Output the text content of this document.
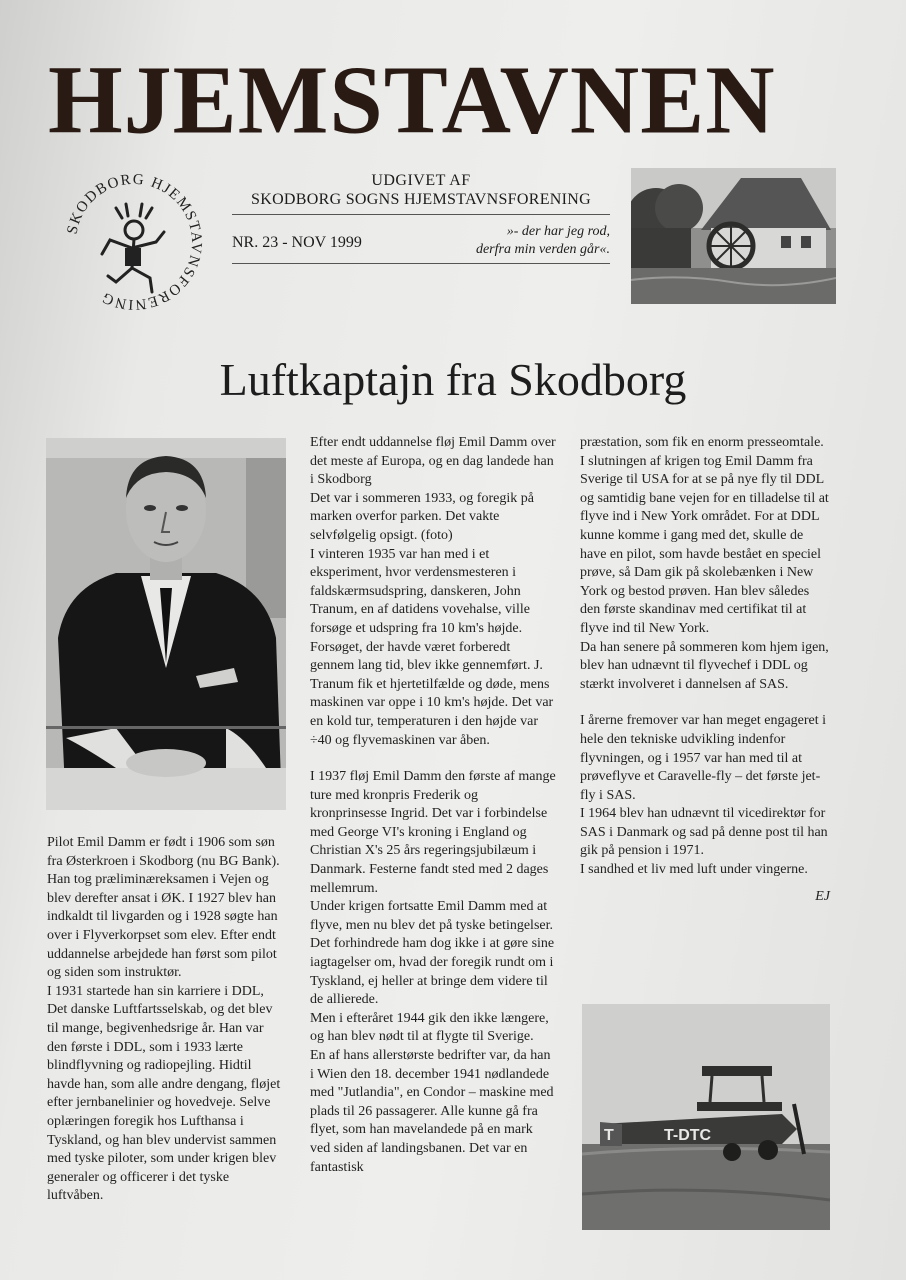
HJEMSTAVNEN
SKODBORG HJEMSTAVNSFORENING
UDGIVET AF
SKODBORG SOGNS HJEMSTAVNSFORENING
NR. 23 - NOV 1999
»- der har jeg rod,
derfra min verden går«.
Luftkaptajn fra Skodborg

Pilot Emil Damm er født i 1906 som søn fra Østerkroen i Skodborg (nu BG Bank). Han tog præliminæreksamen i Vejen og blev derefter ansat i ØK. I 1927 blev han indkaldt til livgarden og i 1928 søgte han over i Flyverkorpset som elev. Efter endt uddannelse arbejdede han først som pilot og siden som instruktør.

I 1931 startede han sin karriere i DDL, Det danske Luftfartsselskab, og det blev til mange, begivenhedsrige år. Han var den første i DDL, som i 1933 lærte blindflyvning og radiopejling. Hidtil havde han, som alle andre dengang, fløjet efter jernbanelinier og hovedveje. Selve oplæringen foregik hos Lufthansa i Tyskland, og han blev undervist sammen med tyske piloter, som under krigen blev generaler og officerer i det tyske luftvåben.

Efter endt uddannelse fløj Emil Damm over det meste af Europa, og en dag landede han i Skodborg

Det var i sommeren 1933, og foregik på marken overfor parken. Det vakte selvfølgelig opsigt. (foto)

I vinteren 1935 var han med i et eksperiment, hvor verdensmesteren i faldskærmsudspring, danskeren, John Tranum, en af datidens vovehalse, ville forsøge et udspring fra 10 km's højde. Forsøget, der havde været forberedt gennem lang tid, blev ikke gennemført. J. Tranum fik et hjertetilfælde og døde, mens maskinen var oppe i 10 km's højde. Det var en kold tur, temperaturen i den højde var ÷40 og flyvemaskinen var åben.

I 1937 fløj Emil Damm den første af mange ture med kronpris Frederik og kronprinsesse Ingrid. Det var i forbindelse med George VI's kroning i England og Christian X's 25 års regeringsjubilæum i Danmark. Festerne fandt sted med 2 dages mellemrum.

Under krigen fortsatte Emil Damm med at flyve, men nu blev det på tyske betingelser. Det forhindrede ham dog ikke i at gøre sine iagtagelser om, hvad der foregik rundt om i Tyskland, ej heller at bringe dem videre til de allierede.

Men i efteråret 1944 gik den ikke længere, og han blev nødt til at flygte til Sverige.

En af hans allerstørste bedrifter var, da han i Wien den 18. december 1941 nødlandede med "Jutlandia", en Condor – maskine med plads til 26 passagerer. Alle kunne gå fra flyet, som han mavelandede på en mark ved siden af landingsbanen. Det var en fantastisk

præstation, som fik en enorm presseomtale.

I slutningen af krigen tog Emil Damm fra Sverige til USA for at se på nye fly til DDL og samtidig bane vejen for en tilladelse til at flyve ind i New York området. For at DDL kunne komme i gang med det, skulle de have en pilot, som havde bestået en speciel prøve, så Dam gik på skolebænken i New York og bestod prøven. Han blev således den første skandinav med certifikat til at flyve ind til New York.

Da han senere på sommeren kom hjem igen, blev han udnævnt til flyvechef i DDL og stærkt involveret i dannelsen af SAS.

I årerne fremover var han meget engageret i hele den tekniske udvikling indenfor flyvningen, og i 1957 var han med til at prøveflyve et Caravelle-fly – det første jet-fly i SAS.

I 1964 blev han udnævnt til vicedirektør for SAS i Danmark og sad på denne post til han gik på pension i 1971.

I sandhed et liv med luft under vingerne.

EJ
T-DTC
T
